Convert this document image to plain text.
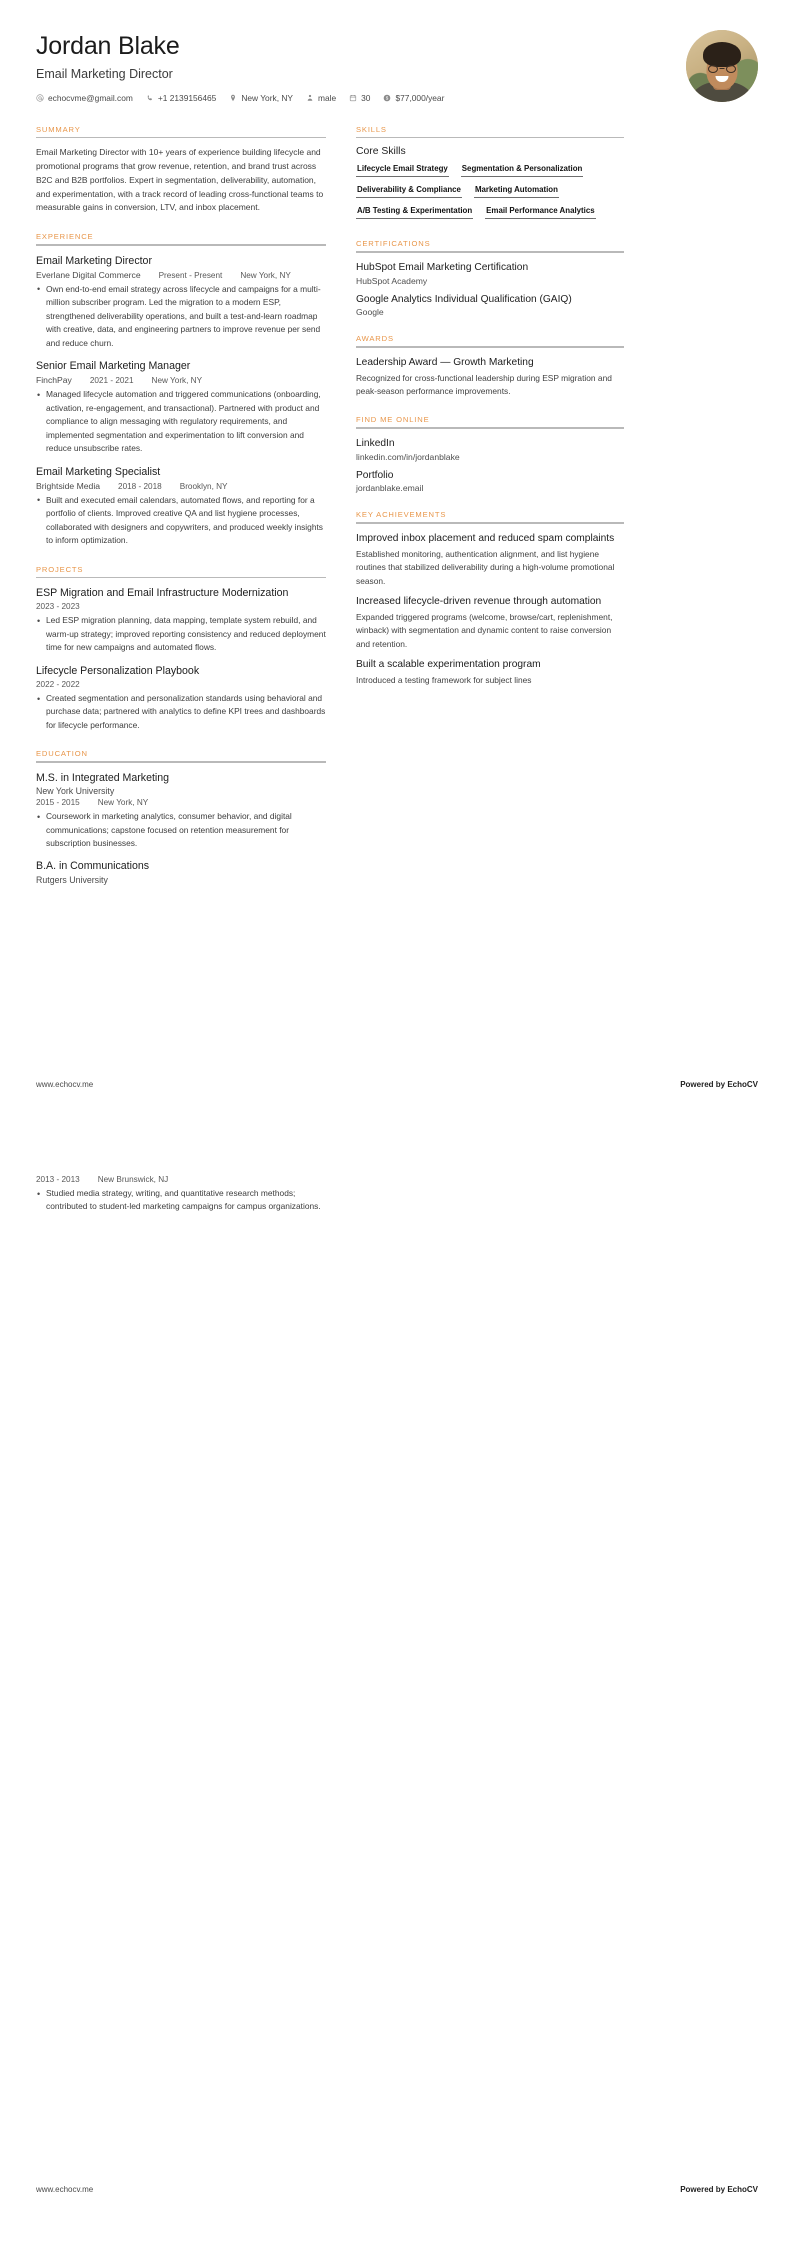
Jordan Blake
Email Marketing Director
echocvme@gmail.com	+1 2139156465	New York, NY	male	30 $ $77,000/year
SUMMARY
Email Marketing Director with 10+ years of experience building lifecycle and promotional programs that grow revenue, retention, and brand trust across B2C and B2B portfolios. Expert in segmentation, deliverability, automation, and experimentation, with a track record of leading cross-functional teams to measurable gains in conversion, LTV, and inbox placement.
EXPERIENCE
Email Marketing Director
Everlane Digital Commerce Present - Present New York, NY
• Own end-to-end email strategy across lifecycle and campaigns for a multi-million subscriber program. Led the migration to a modern ESP, strengthened deliverability operations, and built a test-and-learn roadmap with creative, data, and engineering partners to improve revenue per send and reduce churn.
Senior Email Marketing Manager
FinchPay 2021 - 2021 New York, NY
• Managed lifecycle automation and triggered communications (onboarding, activation, re-engagement, and transactional). Partnered with product and compliance to align messaging with regulatory requirements, and implemented segmentation and experimentation to lift conversion and reduce unsubscribe rates.
Email Marketing Specialist
Brightside Media 2018 - 2018 Brooklyn, NY
• Built and executed email calendars, automated flows, and reporting for a portfolio of clients. Improved creative QA and list hygiene processes, collaborated with designers and copywriters, and produced weekly insights to inform optimization.
PROJECTS
ESP Migration and Email Infrastructure Modernization
2023 - 2023
• Led ESP migration planning, data mapping, template system rebuild, and warm-up strategy; improved reporting consistency and reduced deployment time for new campaigns and automated flows.
Lifecycle Personalization Playbook
2022 - 2022
• Created segmentation and personalization standards using behavioral and purchase data; partnered with analytics to define KPI trees and dashboards for lifecycle performance.
EDUCATION
M.S. in Integrated Marketing
New York University
2015 - 2015 New York, NY
• Coursework in marketing analytics, consumer behavior, and digital communications; capstone focused on retention measurement for subscription businesses.
B.A. in Communications
Rutgers University
SKILLS
Core Skills
Lifecycle Email Strategy Segmentation & Personalization
Deliverability & Compliance Marketing Automation
A/B Testing & Experimentation Email Performance Analytics
CERTIFICATIONS
HubSpot Email Marketing Certification
HubSpot Academy
Google Analytics Individual Qualification (GAIQ)
Google
AWARDS
Leadership Award — Growth Marketing
Recognized for cross-functional leadership during ESP migration and peak-season performance improvements.
FIND ME ONLINE
LinkedIn
linkedin.com/in/jordanblake
Portfolio
jordanblake.email
KEY ACHIEVEMENTS
Improved inbox placement and reduced spam complaints
Established monitoring, authentication alignment, and list hygiene routines that stabilized deliverability during a high-volume promotional season.
Increased lifecycle-driven revenue through automation
Expanded triggered programs (welcome, browse/cart, replenishment, winback) with segmentation and dynamic content to raise conversion and retention.
Built a scalable experimentation program
Introduced a testing framework for subject lines
www.echocv.me	Powered by EchoCV
2013 - 2013 New Brunswick, NJ
• Studied media strategy, writing, and quantitative research methods; contributed to student-led marketing campaigns for campus organizations.
www.echocv.me	Powered by EchoCV
